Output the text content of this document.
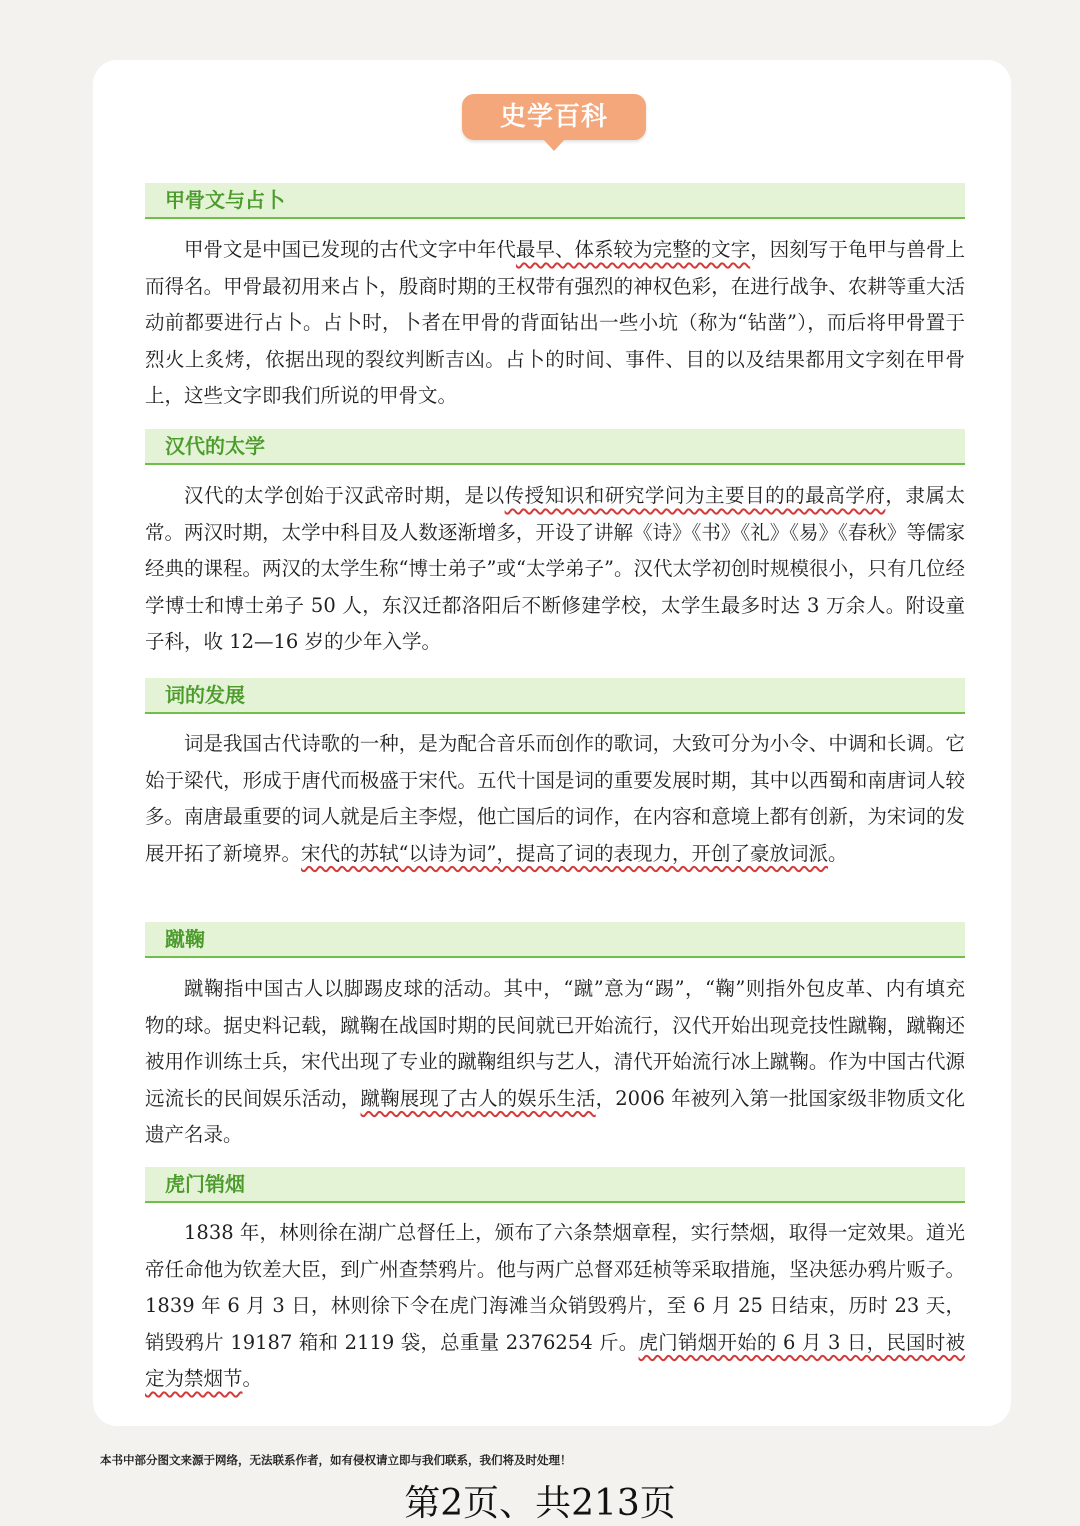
史学百科
甲骨文与占卜

甲骨文是中国已发现的古代文字中年代最早、体系较为完整的文字，因刻写于龟甲与兽骨上而得名。甲骨最初用来占卜，殷商时期的王权带有强烈的神权色彩，在进行战争、农耕等重大活动前都要进行占卜。占卜时，卜者在甲骨的背面钻出一些小坑（称为“钻凿”），而后将甲骨置于烈火上炙烤，依据出现的裂纹判断吉凶。占卜的时间、事件、目的以及结果都用文字刻在甲骨上，这些文字即我们所说的甲骨文。

汉代的太学

汉代的太学创始于汉武帝时期，是以传授知识和研究学问为主要目的的最高学府，隶属太常。两汉时期，太学中科目及人数逐渐增多，开设了讲解《诗》《书》《礼》《易》《春秋》等儒家经典的课程。两汉的太学生称“博士弟子”或“太学弟子”。汉代太学初创时规模很小，只有几位经学博士和博士弟子 50 人，东汉迁都洛阳后不断修建学校，太学生最多时达 3 万余人。附设童子科，收 12—16 岁的少年入学。

词的发展

词是我国古代诗歌的一种，是为配合音乐而创作的歌词，大致可分为小令、中调和长调。它始于梁代，形成于唐代而极盛于宋代。五代十国是词的重要发展时期，其中以西蜀和南唐词人较多。南唐最重要的词人就是后主李煜，他亡国后的词作，在内容和意境上都有创新，为宋词的发展开拓了新境界。宋代的苏轼“以诗为词”，提高了词的表现力，开创了豪放词派。

蹴鞠

蹴鞠指中国古人以脚踢皮球的活动。其中，“蹴”意为“踢”，“鞠”则指外包皮革、内有填充物的球。据史料记载，蹴鞠在战国时期的民间就已开始流行，汉代开始出现竞技性蹴鞠，蹴鞠还被用作训练士兵，宋代出现了专业的蹴鞠组织与艺人，清代开始流行冰上蹴鞠。作为中国古代源远流长的民间娱乐活动，蹴鞠展现了古人的娱乐生活，2006 年被列入第一批国家级非物质文化遗产名录。

虎门销烟

1838 年，林则徐在湖广总督任上，颁布了六条禁烟章程，实行禁烟，取得一定效果。道光帝任命他为钦差大臣，到广州查禁鸦片。他与两广总督邓廷桢等采取措施，坚决惩办鸦片贩子。1839 年 6 月 3 日，林则徐下令在虎门海滩当众销毁鸦片，至 6 月 25 日结束，历时 23 天，销毁鸦片 19187 箱和 2119 袋，总重量 2376254 斤。虎门销烟开始的 6 月 3 日，民国时被定为禁烟节。

本书中部分图文来源于网络，无法联系作者，如有侵权请立即与我们联系，我们将及时处理！
第2页、共213页
